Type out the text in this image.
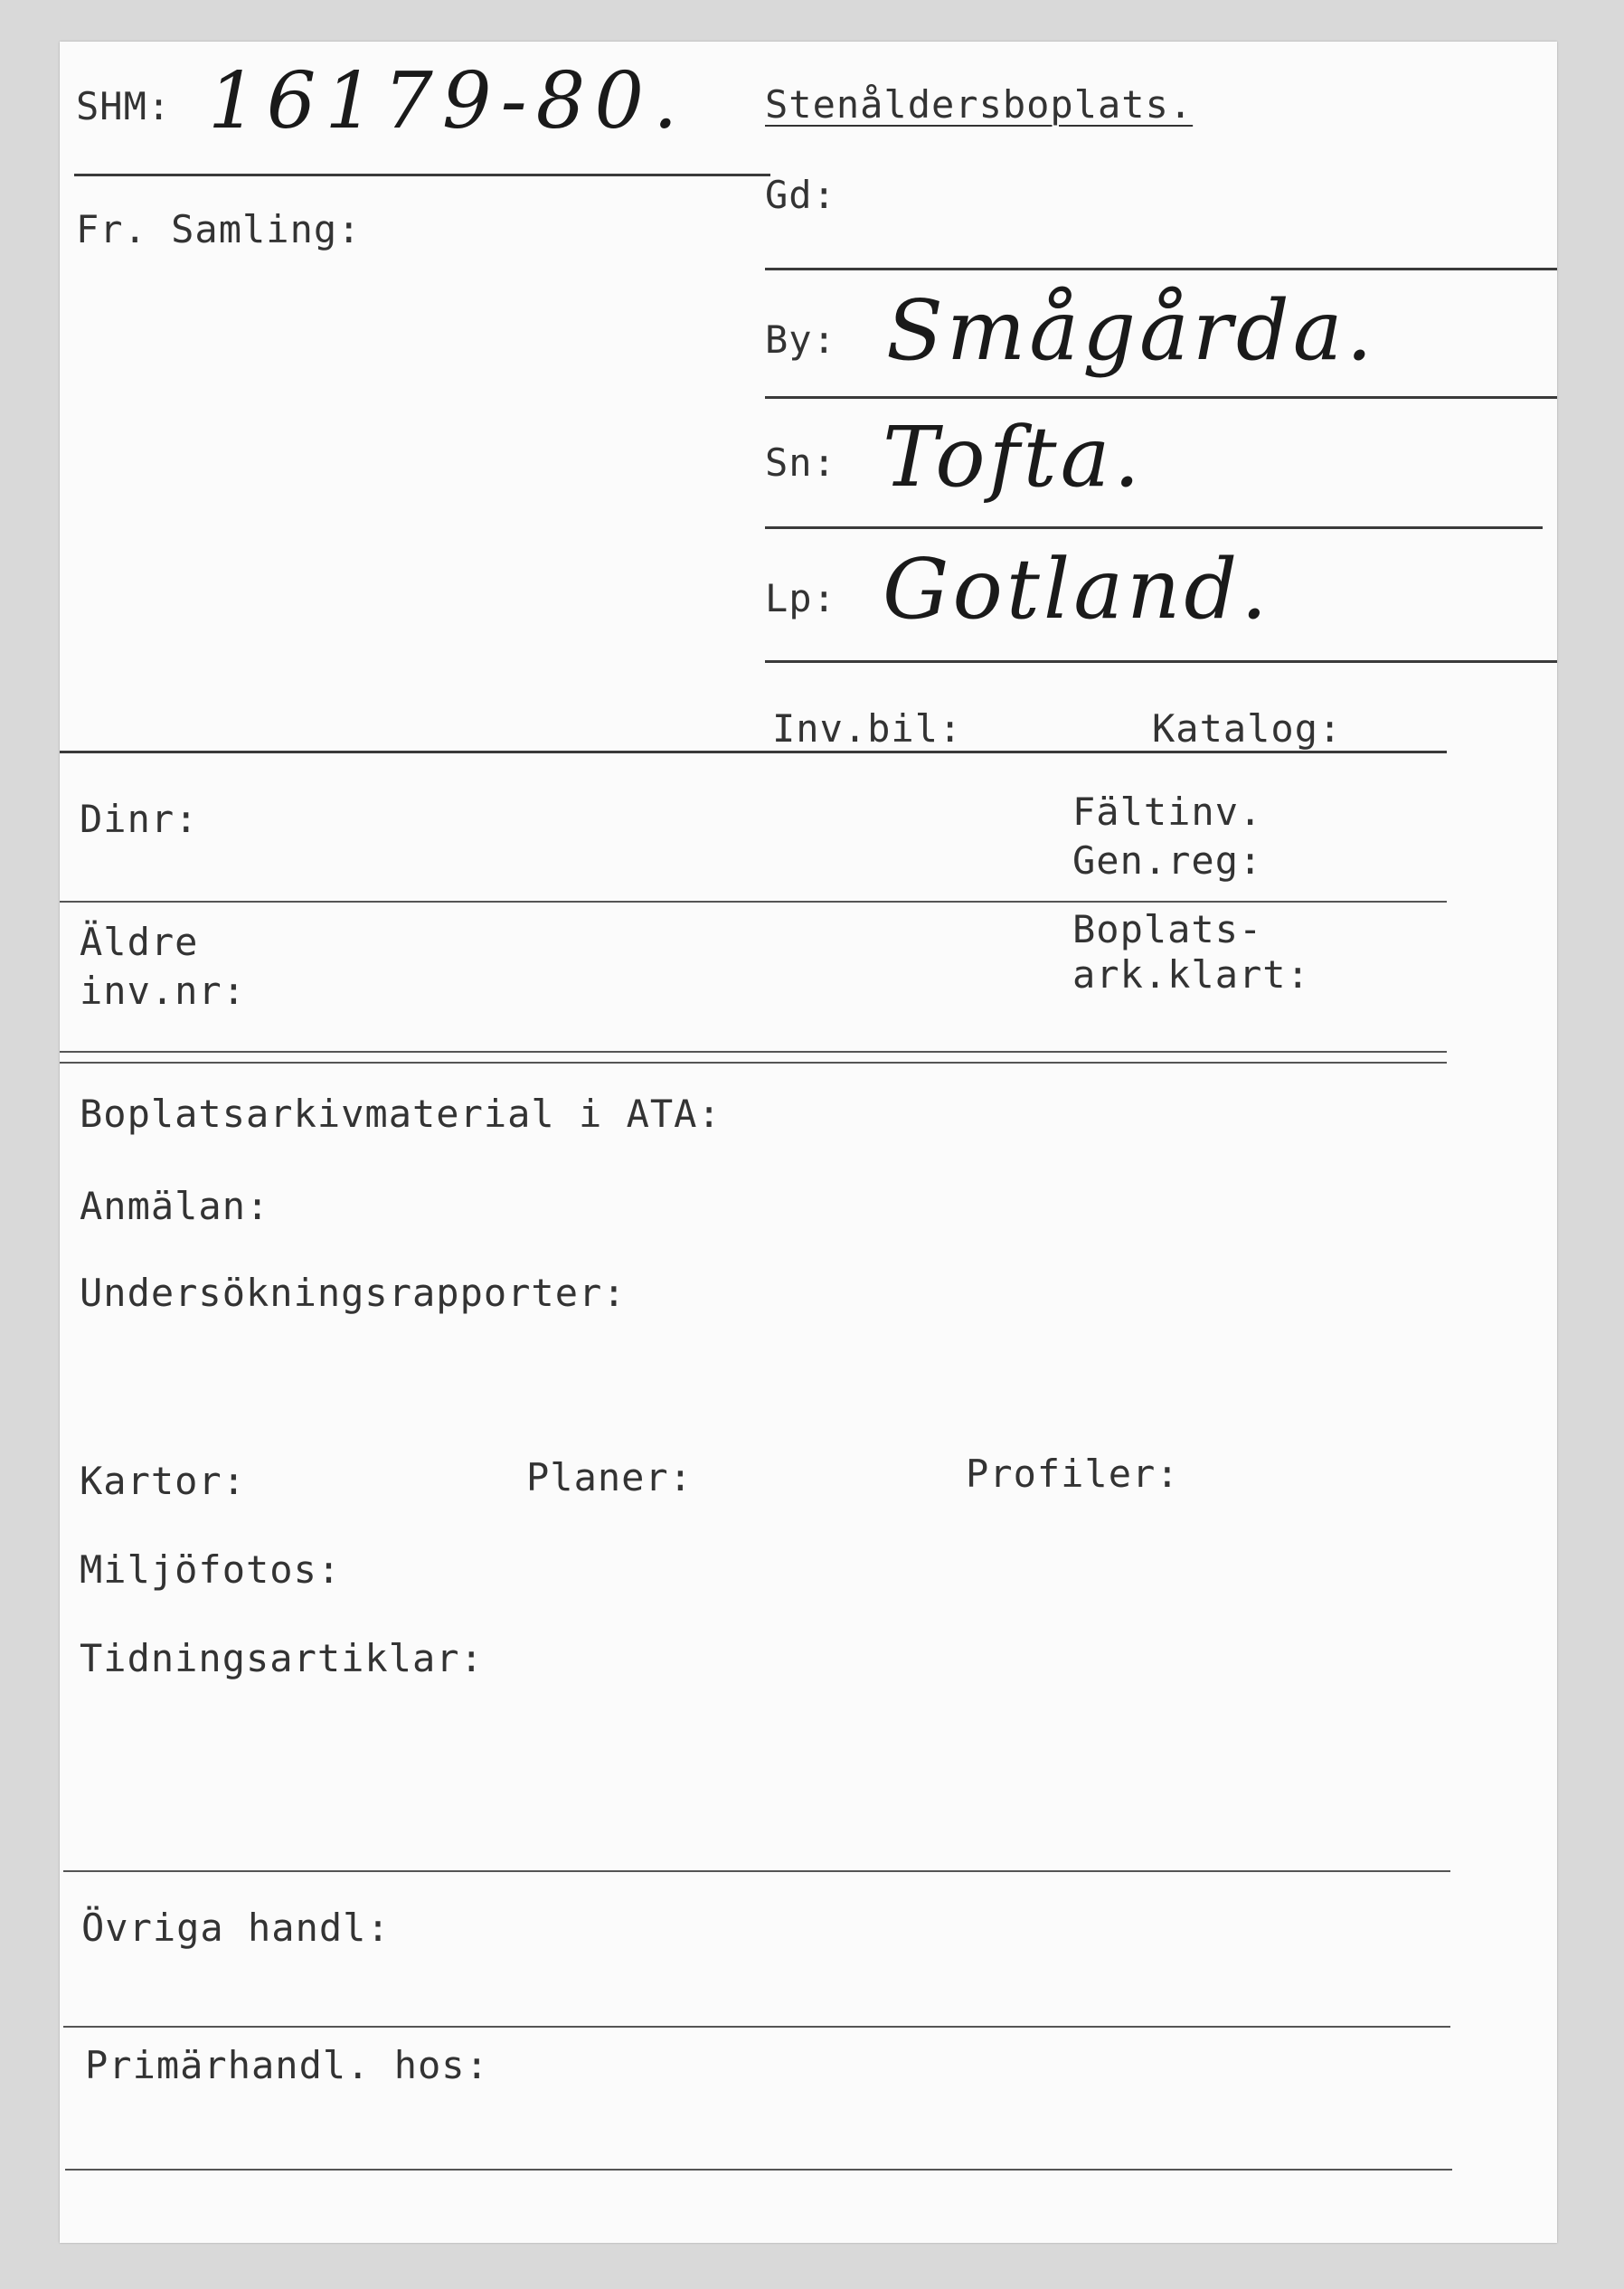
SHM: 16179-80. Stenåldersboplats.
Fr. Samling:
Gd:
By: Smågårda.
Sn: Tofta.
Lp: Gotland.
Inv.bil:	Katalog:
Dinr:	Fältinv.
Gen.reg:
Äldre
inv.nr:
Boplats-
ark.klart:
Boplatsarkivmaterial i ATA:
Anmälan:
Undersökningsrapporter:
Kartor:	Planer:	Profiler:
Miljöfotos:
Tidningsartiklar:
Övriga handl:
Primärhandl. hos:
